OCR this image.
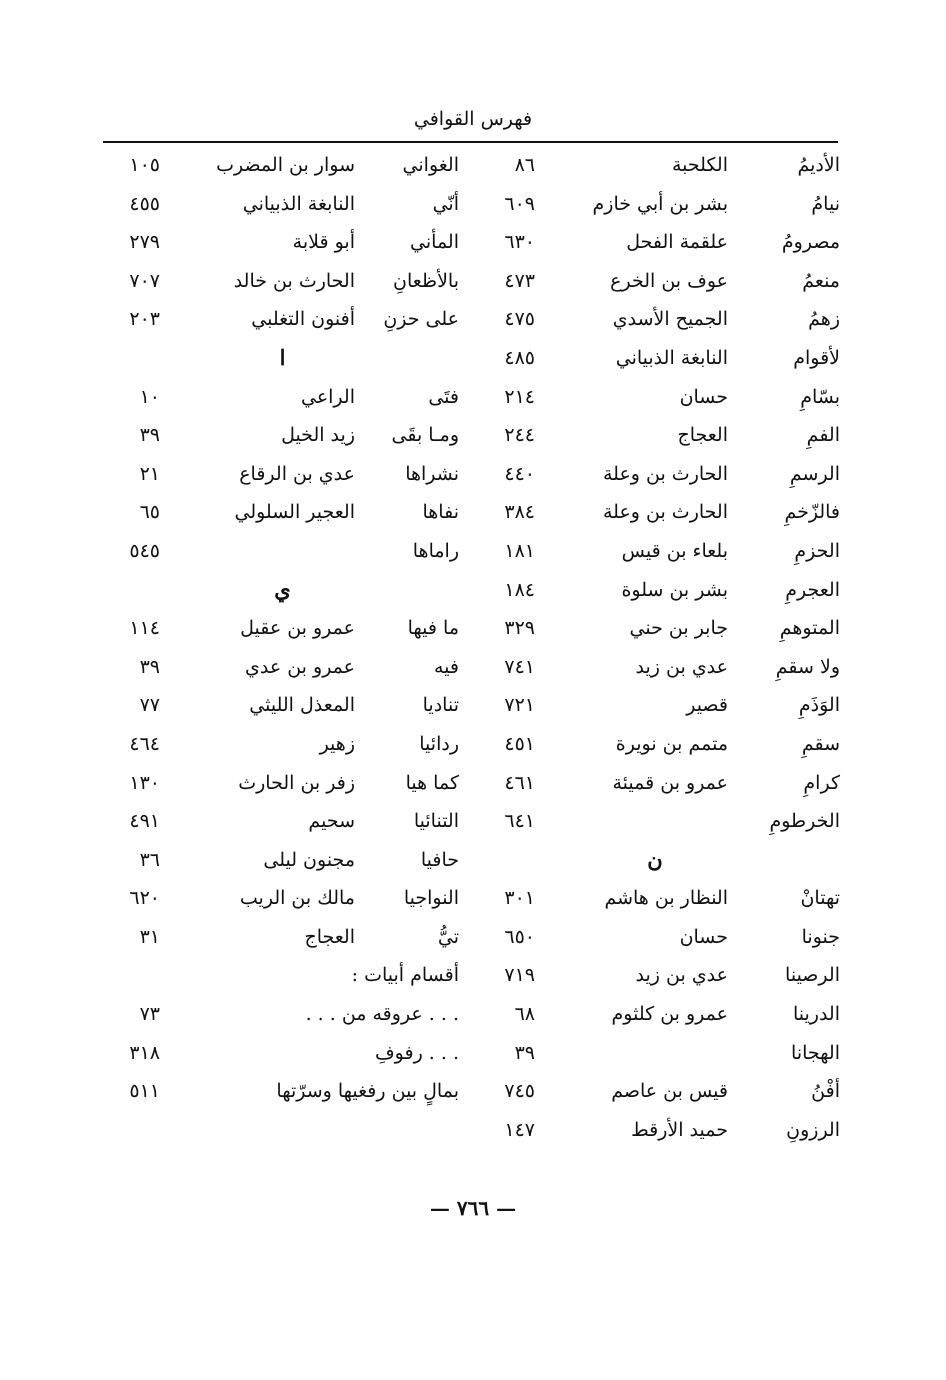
فهرس القوافي
الأديمُ
الكلحبة
٨٦
نيامُ
بشر بن أبي خازم
٦٠٩
مصرومُ
علقمة الفحل
٦٣٠
منعمُ
عوف بن الخرع
٤٧٣
زهمُ
الجميح الأسدي
٤٧٥
لأقوام
النابغة الذبياني
٤٨٥
بسّامِ
حسان
٢١٤
الفمِ
العجاج
٢٤٤
الرسمِ
الحارث بن وعلة
٤٤٠
فالزّخمِ
الحارث بن وعلة
٣٨٤
الحزمِ
بلعاء بن قيس
١٨١
العجرمِ
بشر بن سلوة
١٨٤
المتوهمِ
جابر بن حني
٣٢٩
ولا سقمِ
عدي بن زيد
٧٤١
الوَذَمِ
قصير
٧٢١
سقمِ
متمم بن نويرة
٤٥١
كرامِ
عمرو بن قميئة
٤٦١
الخرطومِ
٦٤١
ن
تهتانْ
النظار بن هاشم
٣٠١
جنونا
حسان
٦٥٠
الرصينا
عدي بن زيد
٧١٩
الدرينا
عمرو بن كلثوم
٦٨
الهجانا
٣٩
أفْنُ
قيس بن عاصم
٧٤٥
الرزونِ
حميد الأرقط
١٤٧
الغواني
سوار بن المضرب
١٠٥
أنّي
النابغة الذبياني
٤٥٥
المأني
أبو قلابة
٢٧٩
بالأظعانِ
الحارث بن خالد
٧٠٧
على حزنِ
أفنون التغلبي
٢٠٣
ا
فتَى
الراعي
١٠
ومـا بقَى
زيد الخيل
٣٩
نشراها
عدي بن الرقاع
٢١
نفاها
العجير السلولي
٦٥
راماها
٥٤٥
ي
ما فيها
عمرو بن عقيل
١١٤
فيه
عمرو بن عدي
٣٩
تناديا
المعذل الليثي
٧٧
ردائيا
زهير
٤٦٤
كما هيا
زفر بن الحارث
١٣٠
التنائيا
سحيم
٤٩١
حافيا
مجنون ليلى
٣٦
النواجيا
مالك بن الريب
٦٢٠
تيُّ
العجاج
٣١
أقسام أبيات :
. . . عروقه من . . .
٧٣
. . . رفوفِ
٣١٨
بمالٍ بين رفغيها وسرّتها
٥١١
— ٧٦٦ —
